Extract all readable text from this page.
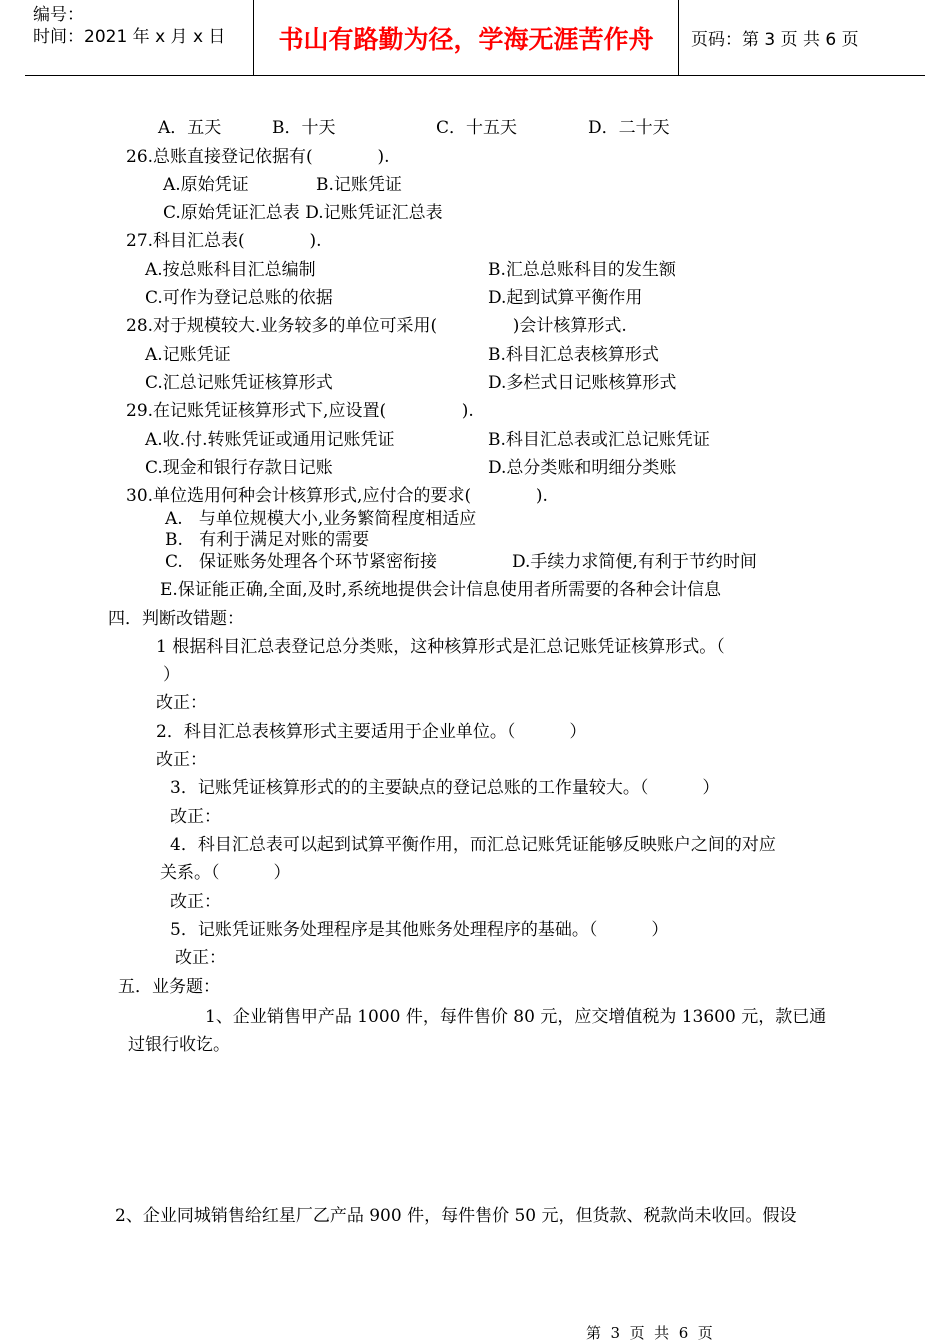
编号：
时间：2021 年 x 月 x 日	书山有路勤为径，学海无涯苦作舟	页码：第 3 页 共 6 页
A．五天	B．十天	C．十五天	D．二十天
26.总账直接登记依据有(            ).
A.原始凭证	B.记账凭证
C.原始凭证汇总表 D.记账凭证汇总表
27.科目汇总表(            ).
A.按总账科目汇总编制	B.汇总总账科目的发生额
C.可作为登记总账的依据	D.起到试算平衡作用
28.对于规模较大.业务较多的单位可采用(              )会计核算形式.
A.记账凭证	B.科目汇总表核算形式
C.汇总记账凭证核算形式	D.多栏式日记账核算形式
29.在记账凭证核算形式下,应设置(              ).
A.收.付.转账凭证或通用记账凭证	B.科目汇总表或汇总记账凭证
C.现金和银行存款日记账	D.总分类账和明细分类账
30.单位选用何种会计核算形式,应付合的要求(            ).
A.   与单位规模大小,业务繁简程度相适应
B.   有利于满足对账的需要
C.   保证账务处理各个环节紧密衔接	D.手续力求简便,有利于节约时间
E.保证能正确,全面,及时,系统地提供会计信息使用者所需要的各种会计信息
四．判断改错题：
1 根据科目汇总表登记总分类账，这种核算形式是汇总记账凭证核算形式。（
）
改正：
2．科目汇总表核算形式主要适用于企业单位。（          ）
改正：
3．记账凭证核算形式的的主要缺点的登记总账的工作量较大。（          ）
改正：
4．科目汇总表可以起到试算平衡作用，而汇总记账凭证能够反映账户之间的对应
关系。（          ）
改正：
5．记账凭证账务处理程序是其他账务处理程序的基础。（          ）
改正：
五．业务题：
1、企业销售甲产品 1000 件，每件售价 80 元，应交增值税为 13600 元，款已通
过银行收讫。
2、企业同城销售给红星厂乙产品 900 件，每件售价 50 元，但货款、税款尚未收回。假设
第  3  页  共  6  页
